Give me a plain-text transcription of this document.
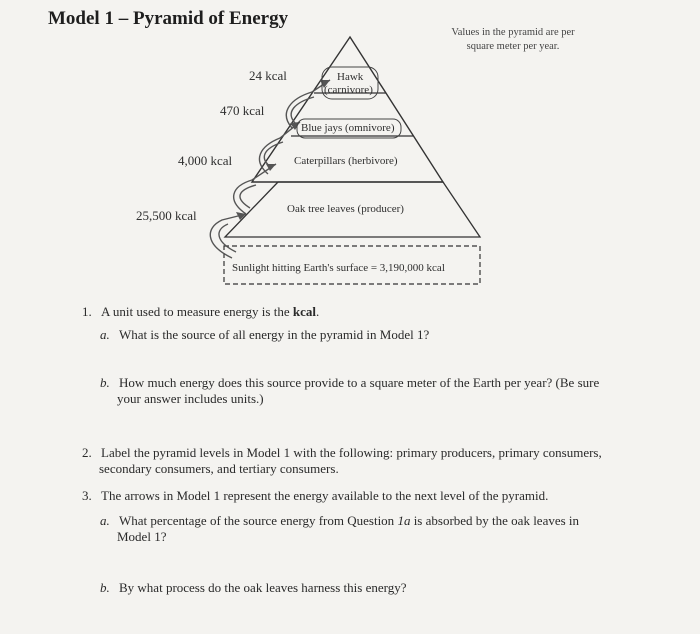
Model 1 – Pyramid of Energy
Values in the pyramid are per square meter per year.
24 kcal
470 kcal
4,000 kcal
25,500 kcal
Hawk
(carnivore)
Blue jays (omnivore)
Caterpillars (herbivore)
Oak tree leaves (producer)
Sunlight hitting Earth's surface = 3,190,000 kcal
1. A unit used to measure energy is the kcal.
a. What is the source of all energy in the pyramid in Model 1?
b. How much energy does this source provide to a square meter of the Earth per year? (Be sure
your answer includes units.)
2. Label the pyramid levels in Model 1 with the following: primary producers, primary consumers,
secondary consumers, and tertiary consumers.
3. The arrows in Model 1 represent the energy available to the next level of the pyramid.
a. What percentage of the source energy from Question 1a is absorbed by the oak leaves in
Model 1?
b. By what process do the oak leaves harness this energy?
